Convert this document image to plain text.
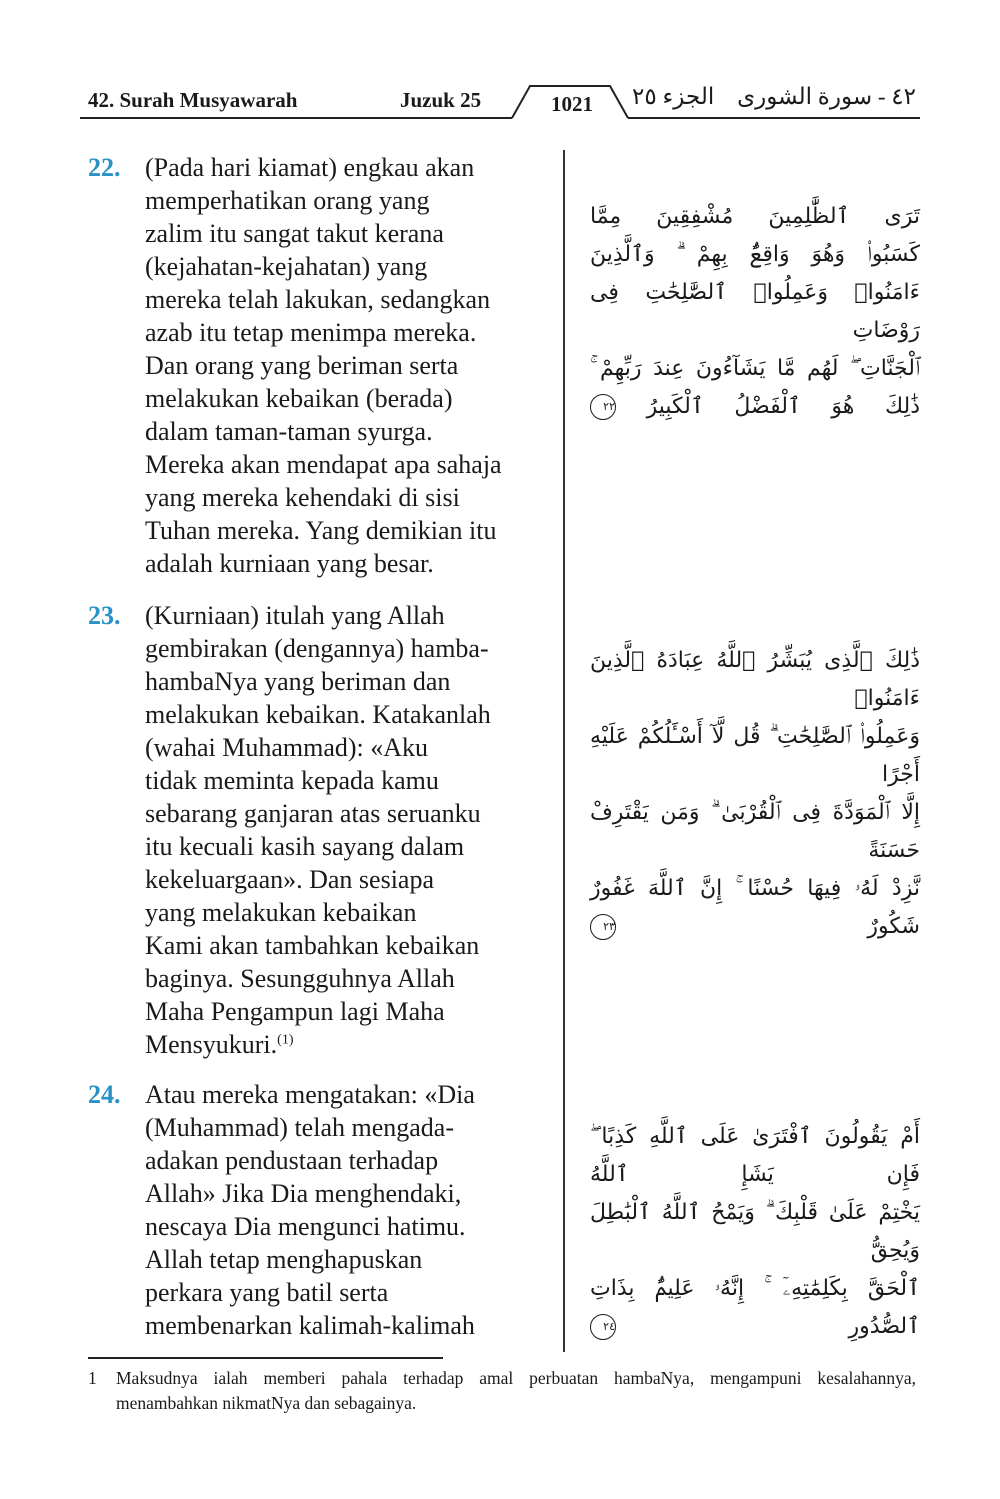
42. Surah Musyawarah	Juzuk 25	1021	الجزء ٢٥ ٤٢ - سورة الشورى
22. (Pada hari kiamat) engkau akan
memperhatikan orang yang
zalim itu sangat takut kerana
(kejahatan-kejahatan) yang
mereka telah lakukan, sedangkan
azab itu tetap menimpa mereka.
Dan orang yang beriman serta
melakukan kebaikan (berada)
dalam taman-taman syurga.
Mereka akan mendapat apa sahaja
yang mereka kehendaki di sisi
Tuhan mereka. Yang demikian itu
adalah kurniaan yang besar.

تَرَى ٱلظَّٰلِمِينَ مُشْفِقِينَ مِمَّا
كَسَبُوا۟ وَهُوَ وَاقِعٌۢ بِهِمْ ۗ وَٱلَّذِينَ
ءَامَنُوا۟ وَعَمِلُوا۟ ٱلصَّٰلِحَٰتِ فِى رَوْضَاتِ
ٱلْجَنَّاتِ ۖ لَهُم مَّا يَشَآءُونَ عِندَ رَبِّهِمْ ۚ
ذَٰلِكَ هُوَ ٱلْفَضْلُ ٱلْكَبِيرُ ٢٢

23. (Kurniaan) itulah yang Allah
gembirakan (dengannya) hamba-
hambaNya yang beriman dan
melakukan kebaikan. Katakanlah
(wahai Muhammad): «Aku
tidak meminta kepada kamu
sebarang ganjaran atas seruanku
itu kecuali kasih sayang dalam
kekeluargaan». Dan sesiapa
yang melakukan kebaikan
Kami akan tambahkan kebaikan
baginya. Sesungguhnya Allah
Maha Pengampun lagi Maha
Mensyukuri.$^{(1)}$

ذَٰلِكَ ٱلَّذِى يُبَشِّرُ ٱللَّهُ عِبَادَهُ ٱلَّذِينَ ءَامَنُوا۟
وَعَمِلُوا۟ ٱلصَّٰلِحَٰتِ ۗ قُل لَّآ أَسْـَٔلُكُمْ عَلَيْهِ أَجْرًا
إِلَّا ٱلْمَوَدَّةَ فِى ٱلْقُرْبَىٰ ۗ وَمَن يَقْتَرِفْ حَسَنَةً
نَّزِدْ لَهُۥ فِيهَا حُسْنًا ۚ إِنَّ ٱللَّهَ غَفُورٌ شَكُورٌ ٢٣

24. Atau mereka mengatakan: «Dia
(Muhammad) telah mengada-
adakan pendustaan terhadap
Allah» Jika Dia menghendaki,
nescaya Dia mengunci hatimu.
Allah tetap menghapuskan
perkara yang batil serta
membenarkan kalimah-kalimah

أَمْ يَقُولُونَ ٱفْتَرَىٰ عَلَى ٱللَّهِ كَذِبًا ۖ فَإِن يَشَإِ ٱللَّهُ
يَخْتِمْ عَلَىٰ قَلْبِكَ ۗ وَيَمْحُ ٱللَّهُ ٱلْبَٰطِلَ وَيُحِقُّ
ٱلْحَقَّ بِكَلِمَٰتِهِۦٓ ۚ إِنَّهُۥ عَلِيمٌۢ بِذَاتِ ٱلصُّدُورِ ٢٤

1 Maksudnya ialah memberi pahala terhadap amal perbuatan hambaNya, mengampuni kesalahannya, menambahkan nikmatNya dan sebagainya.
